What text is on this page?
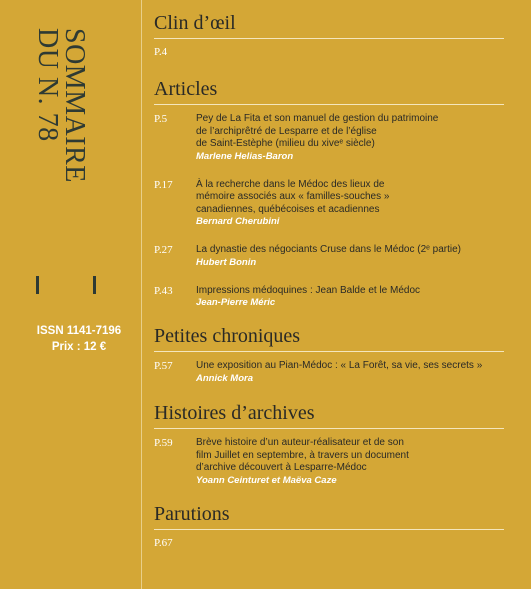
SOMMAIRE
DU N. 78
ISSN 1141-7196
Prix : 12 €
Clin d’œil
P.4
Articles
P.5	Pey de La Fita et son manuel de gestion du patrimoine
de l’archiprêtré de Lesparre et de l’église
de Saint-Estèphe (milieu du xiveᵉ siècle)
Marlene Helias-Baron
P.17 À la recherche dans le Médoc des lieux de
mémoire associés aux « familles-souches »
canadiennes, québécoises et acadiennes
Bernard Cherubini
P.27 La dynastie des négociants Cruse dans le Médoc (2ᵉ partie)
Hubert Bonin
P.43 Impressions médoquines : Jean Balde et le Médoc
Jean-Pierre Méric
Petites chroniques
P.57 Une exposition au Pian-Médoc : « La Forêt, sa vie, ses secrets »
Annick Mora
Histoires d’archives
P.59 Brève histoire d’un auteur-réalisateur et de son
film Juillet en septembre, à travers un document
d’archive découvert à Lesparre-Médoc
Yoann Ceinturet et Maëva Caze
Parutions
P.67
